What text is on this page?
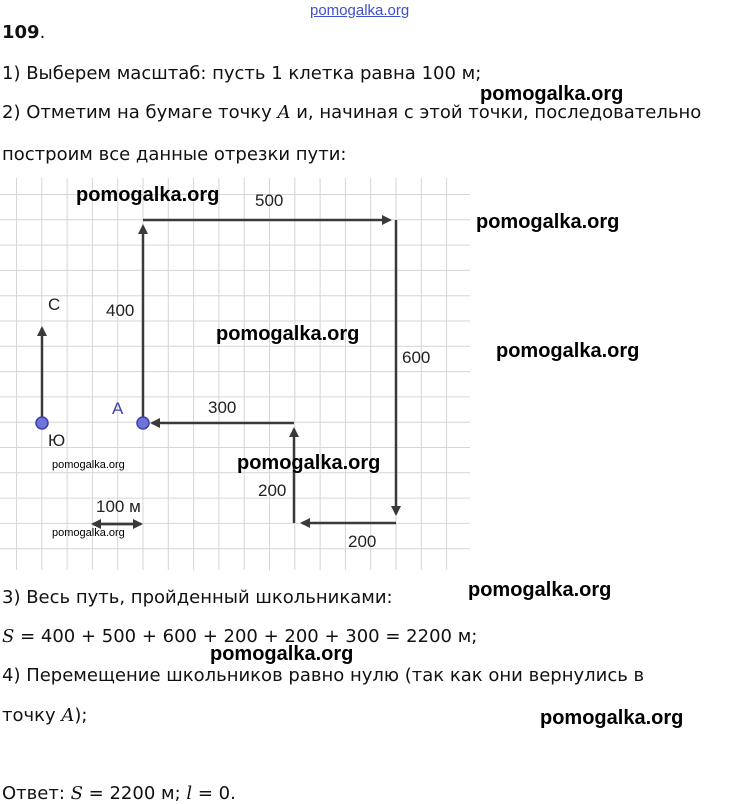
pomogalka.org
109.
1) Выберем масштаб: пусть 1 клетка равна 100 м;
2) Отметим на бумаге точку A и, начиная с этой точки, последовательно
построим все данные отрезки пути:
С
Ю
А
500
400
600
300
200
200
100 м
3) Весь путь, пройденный школьниками:
S = 400 + 500 + 600 + 200 + 200 + 300 = 2200 м;
4) Перемещение школьников равно нулю (так как они вернулись в
точку A);
Ответ: S = 2200 м; l = 0.
pomogalka.org
pomogalka.org
pomogalka.org
pomogalka.org
pomogalka.org
pomogalka.org
pomogalka.org
pomogalka.org
pomogalka.org
pomogalka.org
pomogalka.org
